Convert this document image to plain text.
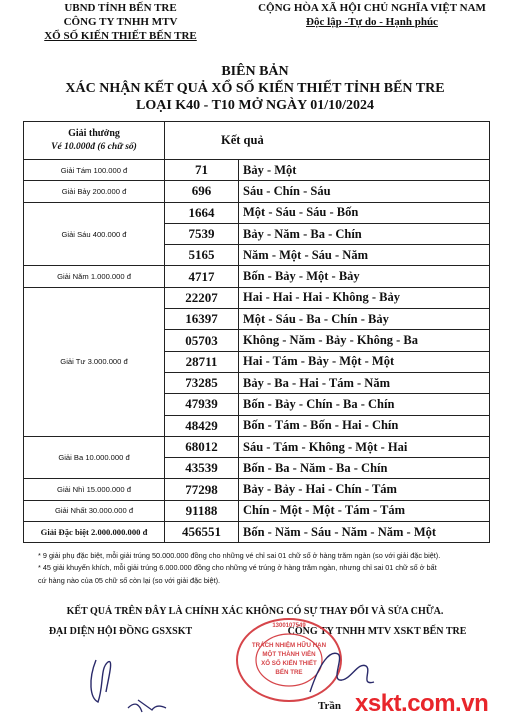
UBND TỈNH BẾN TRE
CÔNG TY TNHH MTV
XỔ SỐ KIẾN THIẾT BẾN TRE
CỘNG HÒA XÃ HỘI CHỦ NGHĨA VIỆT NAM
Độc lập -Tự do - Hạnh phúc
BIÊN BẢN
XÁC NHẬN KẾT QUẢ XỔ SỐ KIẾN THIẾT TỈNH BẾN TRE
LOẠI K40 - T10 MỞ NGÀY 01/10/2024
Giải thưởng
Vé 10.000đ (6 chữ số)	Kết quả	
Giải Tám 100.000 đ	71	Bảy - Một
Giải Bảy 200.000 đ	696	Sáu - Chín - Sáu
Giải Sáu 400.000 đ	1664	Một - Sáu - Sáu - Bốn
	7539	Bảy - Năm - Ba - Chín
	5165	Năm - Một - Sáu - Năm
Giải Năm 1.000.000 đ	4717	Bốn - Bảy - Một - Bảy
Giải Tư 3.000.000 đ	22207	Hai - Hai - Hai - Không - Bảy
	16397	Một - Sáu - Ba - Chín - Bảy
	05703	Không - Năm - Bảy - Không - Ba
	28711	Hai - Tám - Bảy - Một - Một
	73285	Bảy - Ba - Hai - Tám - Năm
	47939	Bốn - Bảy - Chín - Ba - Chín
	48429	Bốn - Tám - Bốn - Hai - Chín
Giải Ba 10.000.000 đ	68012	Sáu - Tám - Không - Một - Hai
	43539	Bốn - Ba - Năm - Ba - Chín
Giải Nhì 15.000.000 đ	77298	Bảy - Bảy - Hai - Chín - Tám
Giải Nhất 30.000.000 đ	91188	Chín - Một - Một - Tám - Tám
Giải Đặc biệt 2.000.000.000 đ	456551	Bốn - Năm - Sáu - Năm - Năm - Một
* 9 giải phụ đặc biệt, mỗi giải trúng 50.000.000 đồng cho những vé chỉ sai 01 chữ số ở hàng trăm ngàn (so với giải đặc biệt).
* 45 giải khuyến khích, mỗi giải trúng 6.000.000 đồng cho những vé trúng ở hàng trăm ngàn, nhưng chỉ sai 01 chữ số ở bất
cứ hàng nào của 05 chữ số còn lại (so với giải đặc biệt).
KẾT QUẢ TRÊN ĐÂY LÀ CHÍNH XÁC KHÔNG CÓ SỰ THAY ĐỔI VÀ SỬA CHỮA.
ĐẠI DIỆN HỘI ĐỒNG GSXSKT	CÔNG TY TNHH MTV XSKT BẾN TRE
TRÁCH NHIỆM HỮU HẠN
MỘT THÀNH VIÊN
XỔ SỐ KIẾN THIẾT
BẾN TRE
1300107549
Trần xskt.com.vn
